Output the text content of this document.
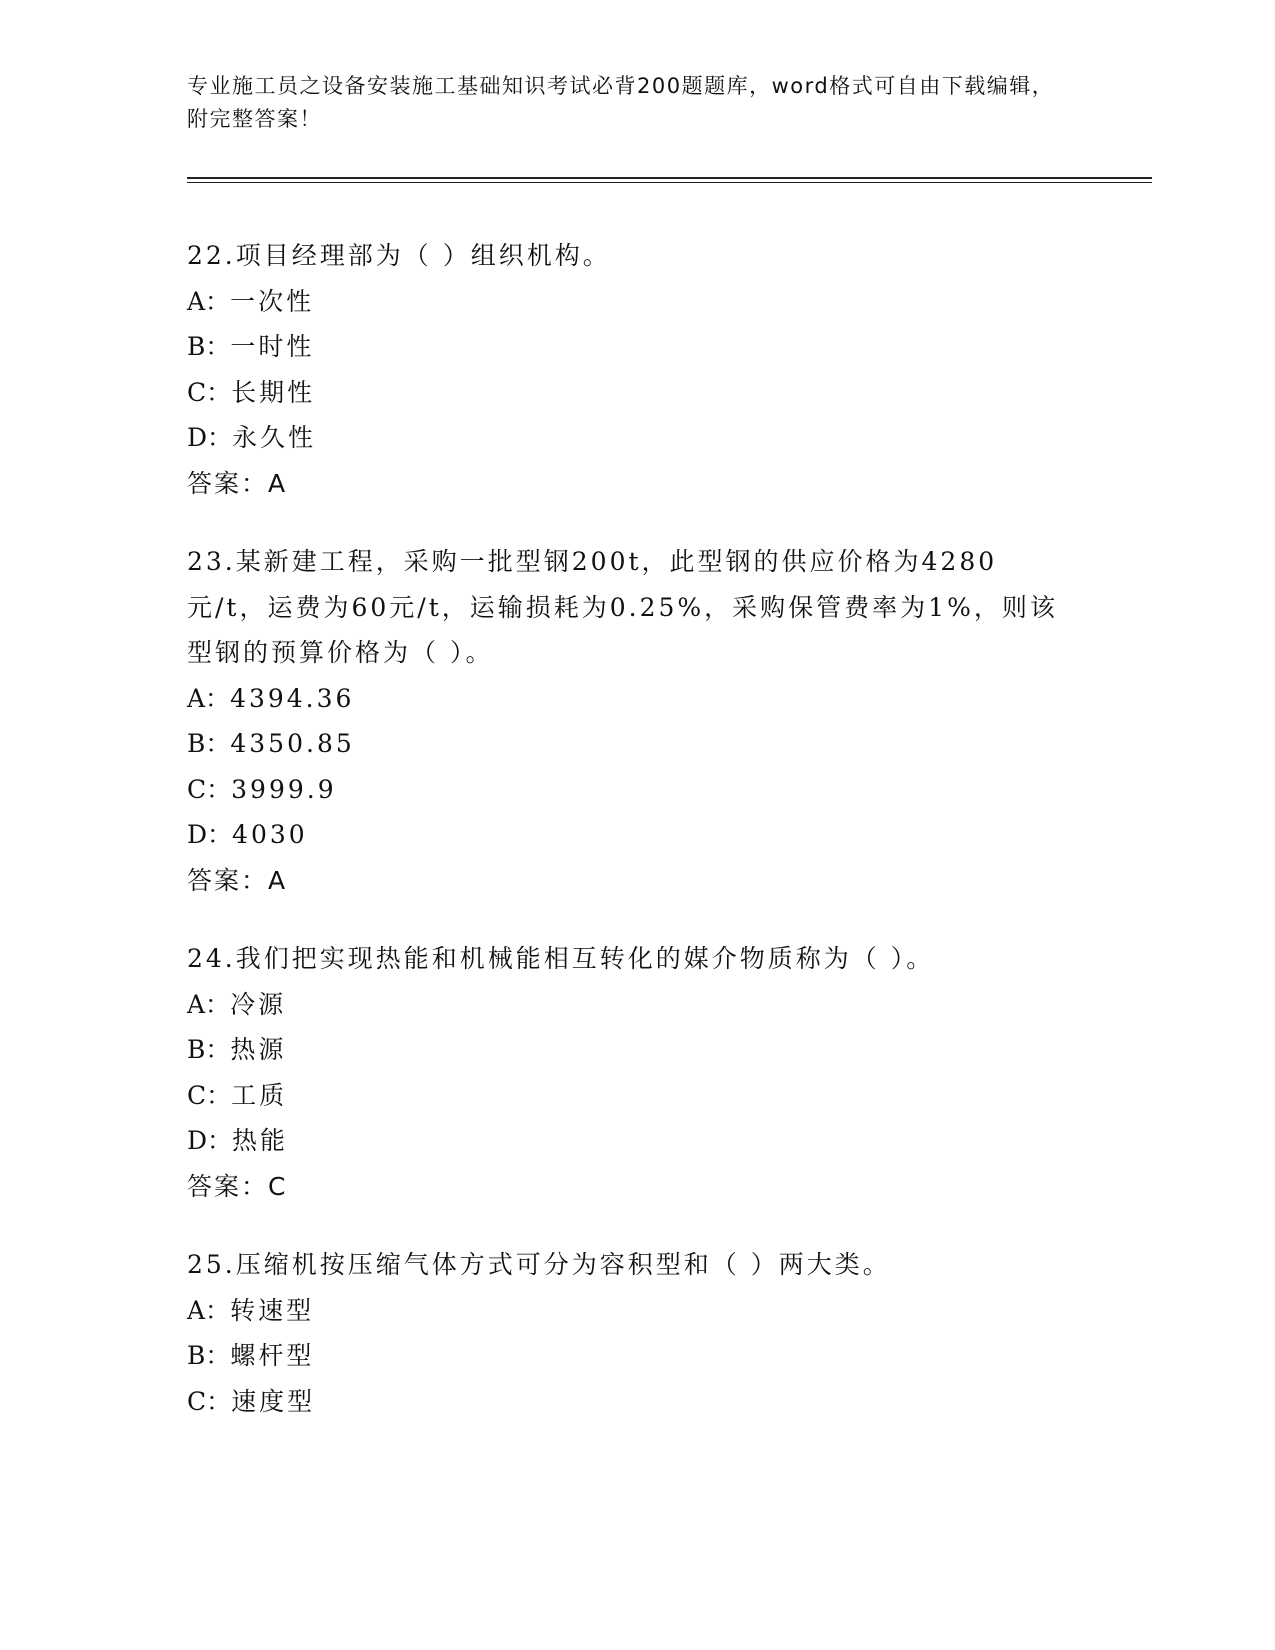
专业施工员之设备安装施工基础知识考试必背200题题库，word格式可自由下载编辑，附完整答案！

22.项目经理部为（ ）组织机构。

A：一次性

B：一时性

C：长期性

D：永久性

答案：A

23.某新建工程，采购一批型钢200t，此型钢的供应价格为4280元/t，运费为60元/t，运输损耗为0.25%，采购保管费率为1%，则该型钢的预算价格为（ ）。

A：4394.36

B：4350.85

C：3999.9

D：4030

答案：A

24.我们把实现热能和机械能相互转化的媒介物质称为（ ）。

A：冷源

B：热源

C：工质

D：热能

答案：C

25.压缩机按压缩气体方式可分为容积型和（ ）两大类。

A：转速型

B：螺杆型

C：速度型
